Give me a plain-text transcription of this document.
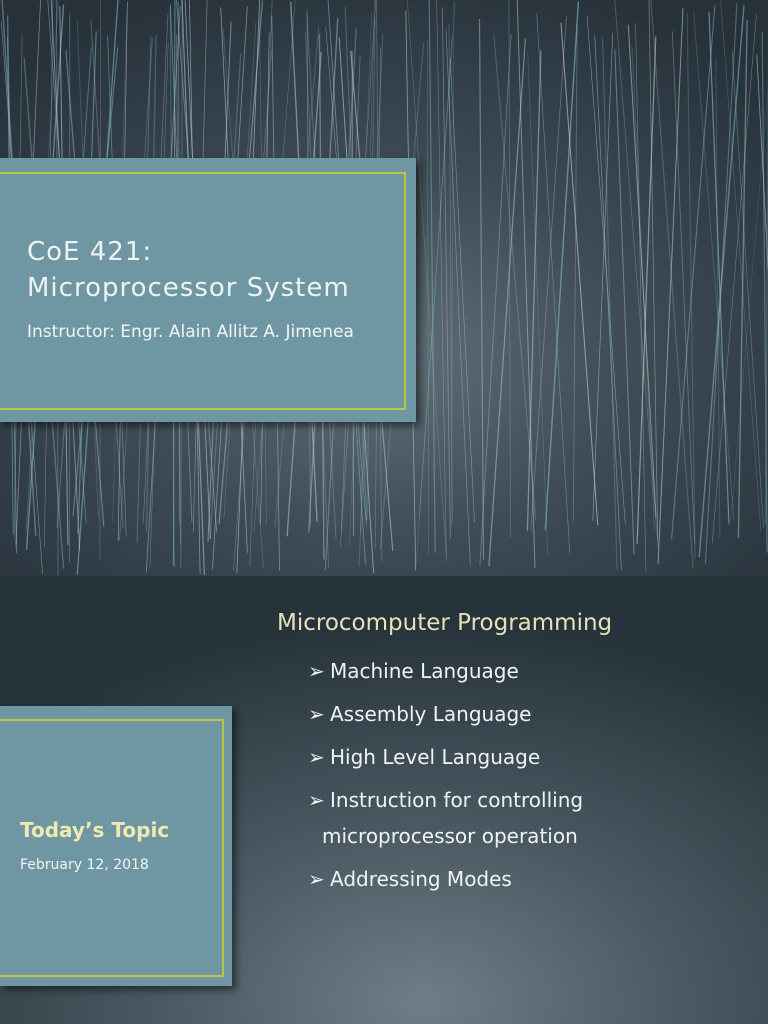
CoE 421:
Microprocessor System
Instructor: Engr. Alain Allitz A. Jimenea
Today’s Topic
February 12, 2018
Microcomputer Programming
➢ Machine Language
➢ Assembly Language
➢ High Level Language
➢ Instruction for controlling
microprocessor operation
➢ Addressing Modes
